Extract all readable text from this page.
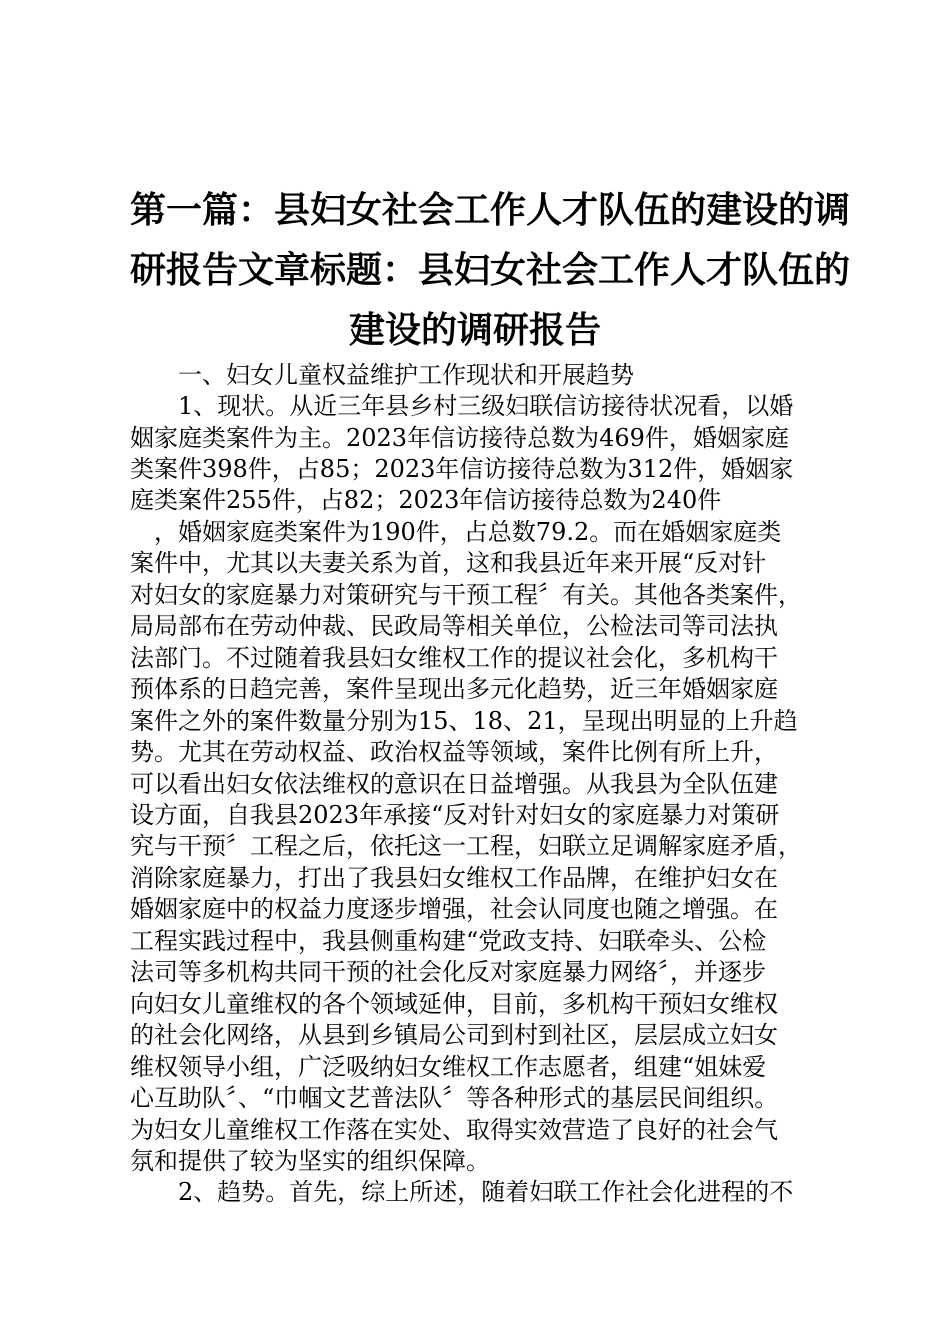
第一篇：县妇女社会工作人才队伍的建设的调
研报告文章标题：县妇女社会工作人才队伍的
建设的调研报告
　　一、妇女儿童权益维护工作现状和开展趋势
　　1、现状。从近三年县乡村三级妇联信访接待状况看，以婚
姻家庭类案件为主。2023年信访接待总数为469件，婚姻家庭
类案件398件，占85；2023年信访接待总数为312件，婚姻家
庭类案件255件，占82；2023年信访接待总数为240件
　，婚姻家庭类案件为190件，占总数79.2。而在婚姻家庭类
案件中，尤其以夫妻关系为首，这和我县近年来开展“反对针
对妇女的家庭暴力对策研究与干预工程〞有关。其他各类案件，
局局部布在劳动仲裁、民政局等相关单位，公检法司等司法执
法部门。不过随着我县妇女维权工作的提议社会化，多机构干
预体系的日趋完善，案件呈现出多元化趋势，近三年婚姻家庭
案件之外的案件数量分别为15、18、21，呈现出明显的上升趋
势。尤其在劳动权益、政治权益等领域，案件比例有所上升，
可以看出妇女依法维权的意识在日益增强。从我县为全队伍建
设方面，自我县2023年承接“反对针对妇女的家庭暴力对策研
究与干预〞工程之后，依托这一工程，妇联立足调解家庭矛盾，
消除家庭暴力，打出了我县妇女维权工作品牌，在维护妇女在
婚姻家庭中的权益力度逐步增强，社会认同度也随之增强。在
工程实践过程中，我县侧重构建“党政支持、妇联牵头、公检
法司等多机构共同干预的社会化反对家庭暴力网络〞，并逐步
向妇女儿童维权的各个领域延伸，目前，多机构干预妇女维权
的社会化网络，从县到乡镇局公司到村到社区，层层成立妇女
维权领导小组，广泛吸纳妇女维权工作志愿者，组建“姐妹爱
心互助队〞、“巾帼文艺普法队〞等各种形式的基层民间组织。
为妇女儿童维权工作落在实处、取得实效营造了良好的社会气
氛和提供了较为坚实的组织保障。
　　2、趋势。首先，综上所述，随着妇联工作社会化进程的不
